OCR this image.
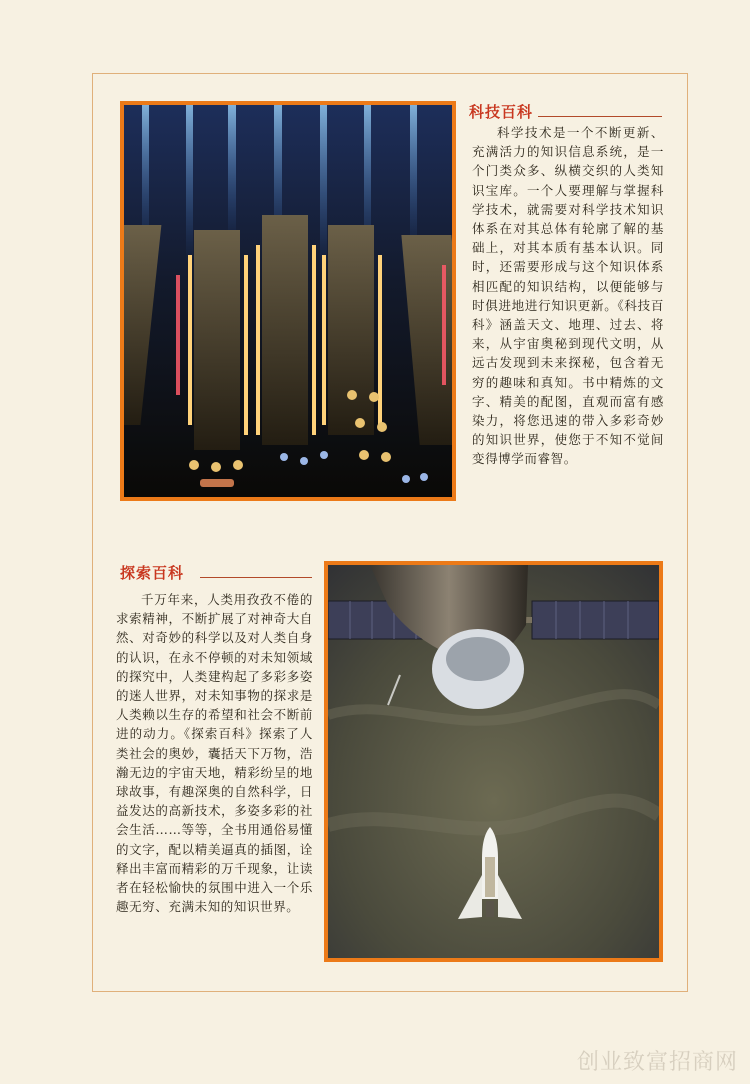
科技百科

科学技术是一个不断更新、充满活力的知识信息系统，是一个门类众多、纵横交织的人类知识宝库。一个人要理解与掌握科学技术，就需要对科学技术知识体系在对其总体有轮廓了解的基础上，对其本质有基本认识。同时，还需要形成与这个知识体系相匹配的知识结构，以便能够与时俱进地进行知识更新。《科技百科》涵盖天文、地理、过去、将来，从宇宙奥秘到现代文明，从远古发现到未来探秘，包含着无穷的趣味和真知。书中精炼的文字、精美的配图，直观而富有感染力，将您迅速的带入多彩奇妙的知识世界，使您于不知不觉间变得博学而睿智。

探索百科

千万年来，人类用孜孜不倦的求索精神，不断扩展了对神奇大自然、对奇妙的科学以及对人类自身的认识，在永不停顿的对未知领域的探究中，人类建构起了多彩多姿的迷人世界，对未知事物的探求是人类赖以生存的希望和社会不断前进的动力。《探索百科》探索了人类社会的奥妙，囊括天下万物，浩瀚无边的宇宙天地，精彩纷呈的地球故事，有趣深奥的自然科学，日益发达的高新技术，多姿多彩的社会生活……等等，全书用通俗易懂的文字，配以精美逼真的插图，诠释出丰富而精彩的万千现象，让读者在轻松愉快的氛围中进入一个乐趣无穷、充满未知的知识世界。

创业致富招商网
